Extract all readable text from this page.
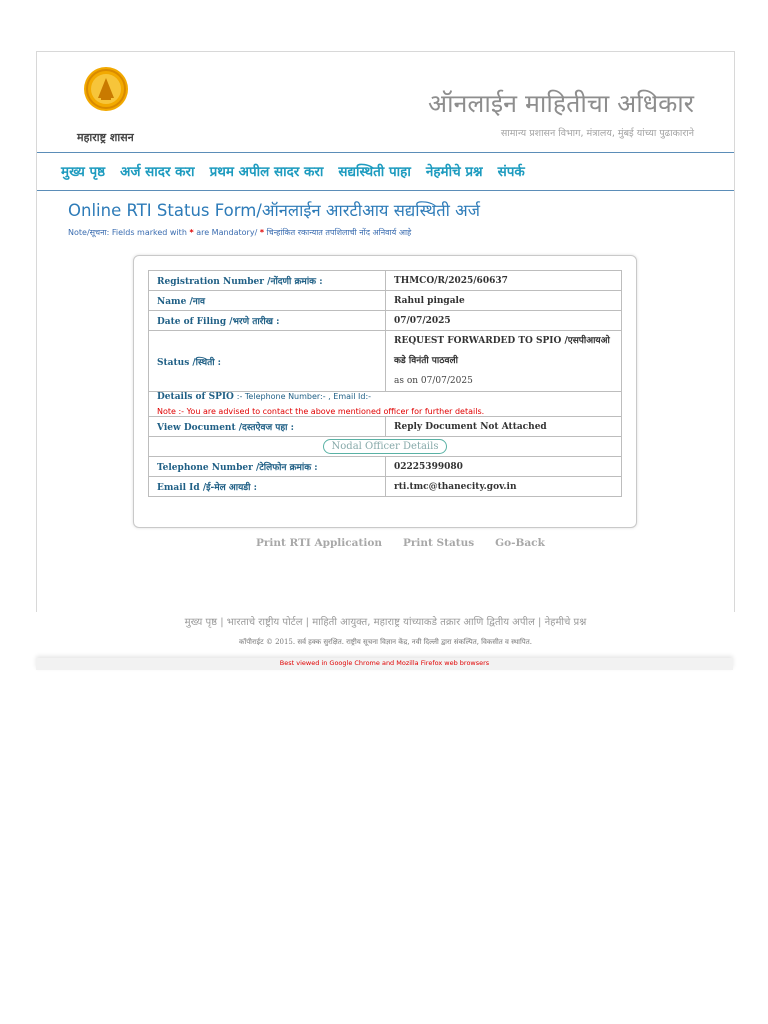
महाराष्ट्र शासन
ऑनलाईन माहितीचा अधिकार
सामान्य प्रशासन विभाग, मंत्रालय, मुंबई यांच्या पुढाकाराने
मुख्य पृष्ठ अर्ज सादर करा प्रथम अपील सादर करा सद्यस्थिती पाहा नेहमीचे प्रश्न संपर्क
Online RTI Status Form/ऑनलाईन आरटीआय सद्यस्थिती अर्ज
Note/सूचना: Fields marked with * are Mandatory/ * चिन्हांकित रकान्यात तपशिलाची नोंद अनिवार्य आहे
Registration Number /नोंदणी क्रमांक :	THMCO/R/2025/60637
Name /नाव	Rahul pingale
Date of Filing /भरणे तारीख :	07/07/2025
Status /स्थिती :	REQUEST FORWARDED TO SPIO /एसपीआयओ कडे विनंती पाठवली
as on 07/07/2025
Details of SPIO :- Telephone Number:- , Email Id:-
Note :- You are advised to contact the above mentioned officer for further details.	

View Document /दस्तऐवज पहा :	Reply Document Not Attached
Nodal Officer Details	
Telephone Number /टेलिफोन क्रमांक :	02225399080
Email Id /ई-मेल आयडी :	rti.tmc@thanecity.gov.in
Print RTI Application Print Status Go-Back
मुख्य पृष्ठ | भारताचे राष्ट्रीय पोर्टल | माहिती आयुक्त, महाराष्ट्र यांच्याकडे तक्रार आणि द्वितीय अपील | नेहमीचे प्रश्न
कॉपीराईट © 2015. सर्व हक्क सुरक्षित. राष्ट्रीय सूचना विज्ञान केंद्र, नवी दिल्ली द्वारा संकल्पित, विकसीत व स्थापित.
Best viewed in Google Chrome and Mozilla Firefox web browsers
